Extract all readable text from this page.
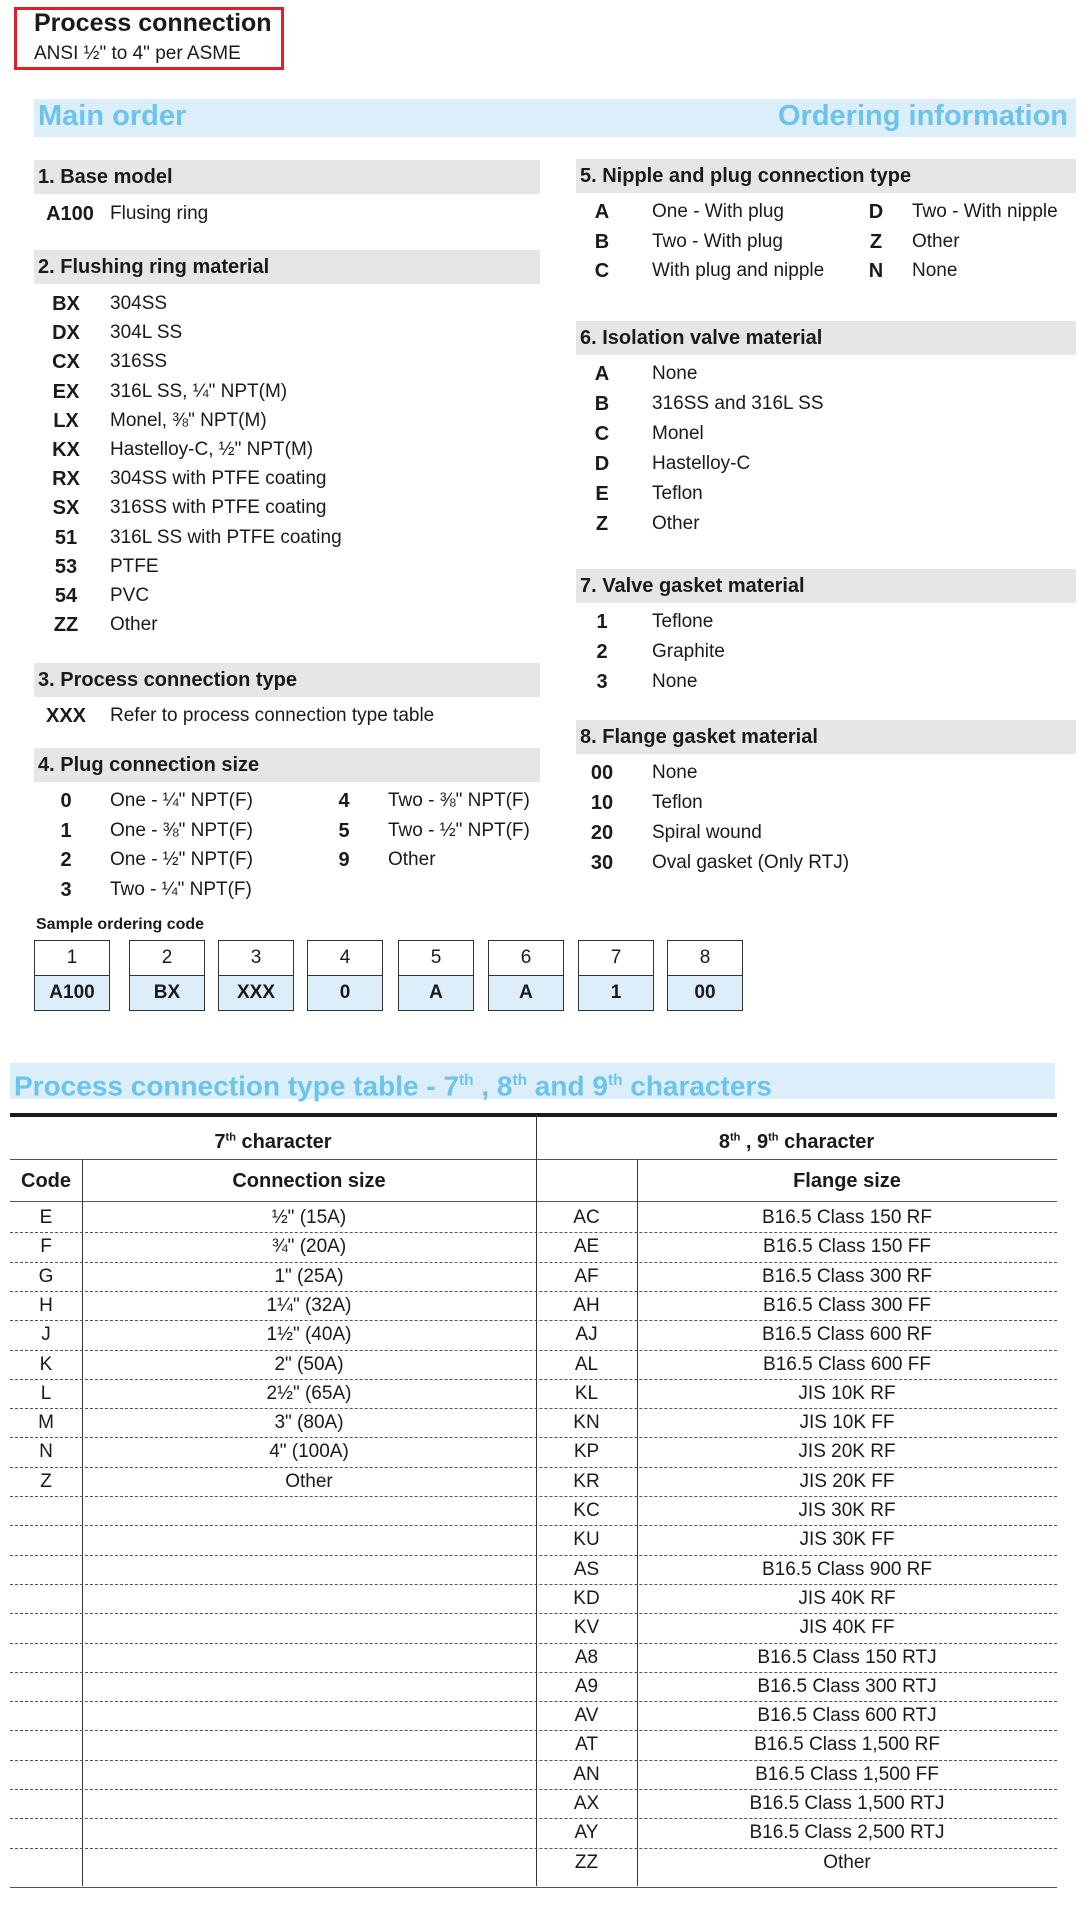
Process connection
ANSI ½" to 4" per ASME
Main order	Ordering information
1. Base model
A100 Flusing ring
2. Flushing ring material
BX	304SS
DX	304L SS
CX	316SS
EX	316L SS, ¼" NPT(M)
LX	Monel, ⅜" NPT(M)
KX	Hastelloy-C, ½" NPT(M)
RX	304SS with PTFE coating
SX	316SS with PTFE coating
51	316L SS with PTFE coating
53	PTFE
54	PVC
ZZ	Other
3. Process connection type
XXX	Refer to process connection type table
4. Plug connection size
0	One - ¼" NPT(F)
1	One - ⅜" NPT(F)
2	One - ½" NPT(F)
3	Two - ¼" NPT(F)
4	Two - ⅜" NPT(F)
5	Two - ½" NPT(F)
9	Other
5. Nipple and plug connection type
A	One - With plug
B	Two - With plug
C	With plug and nipple
D	Two - With nipple
Z	Other
N	None
6. Isolation valve material
A	None
B	316SS and 316L SS
C	Monel
D	Hastelloy-C
E	Teflon
Z	Other
7. Valve gasket material
1	Teflone
2	Graphite
3	None
8. Flange gasket material
00	None
10	Teflon
20	Spiral wound
30	Oval gasket (Only RTJ)
Sample ordering code
1
A100
2
BX
3
XXX
4
0
5
A
6
A
7
1
8
00
Process connection type table - 7th , 8th and 9th characters
7th character	8th , 9th character
Code	Connection size	Flange size
E	½" (15A)	AC	B16.5 Class 150 RF
F	¾" (20A)	AE	B16.5 Class 150 FF
G	1" (25A)	AF	B16.5 Class 300 RF
H	1¼" (32A)	AH	B16.5 Class 300 FF
J	1½" (40A)	AJ	B16.5 Class 600 RF
K	2" (50A)	AL	B16.5 Class 600 FF
L	2½" (65A)	KL	JIS 10K RF
M	3" (80A)	KN	JIS 10K FF
N	4" (100A)	KP	JIS 20K RF
Z	Other	KR	JIS 20K FF
KC	JIS 30K RF
KU	JIS 30K FF
AS	B16.5 Class 900 RF
KD	JIS 40K RF
KV	JIS 40K FF
A8	B16.5 Class 150 RTJ
A9	B16.5 Class 300 RTJ
AV	B16.5 Class 600 RTJ
AT	B16.5 Class 1,500 RF
AN	B16.5 Class 1,500 FF
AX	B16.5 Class 1,500 RTJ
AY	B16.5 Class 2,500 RTJ
ZZ	Other
